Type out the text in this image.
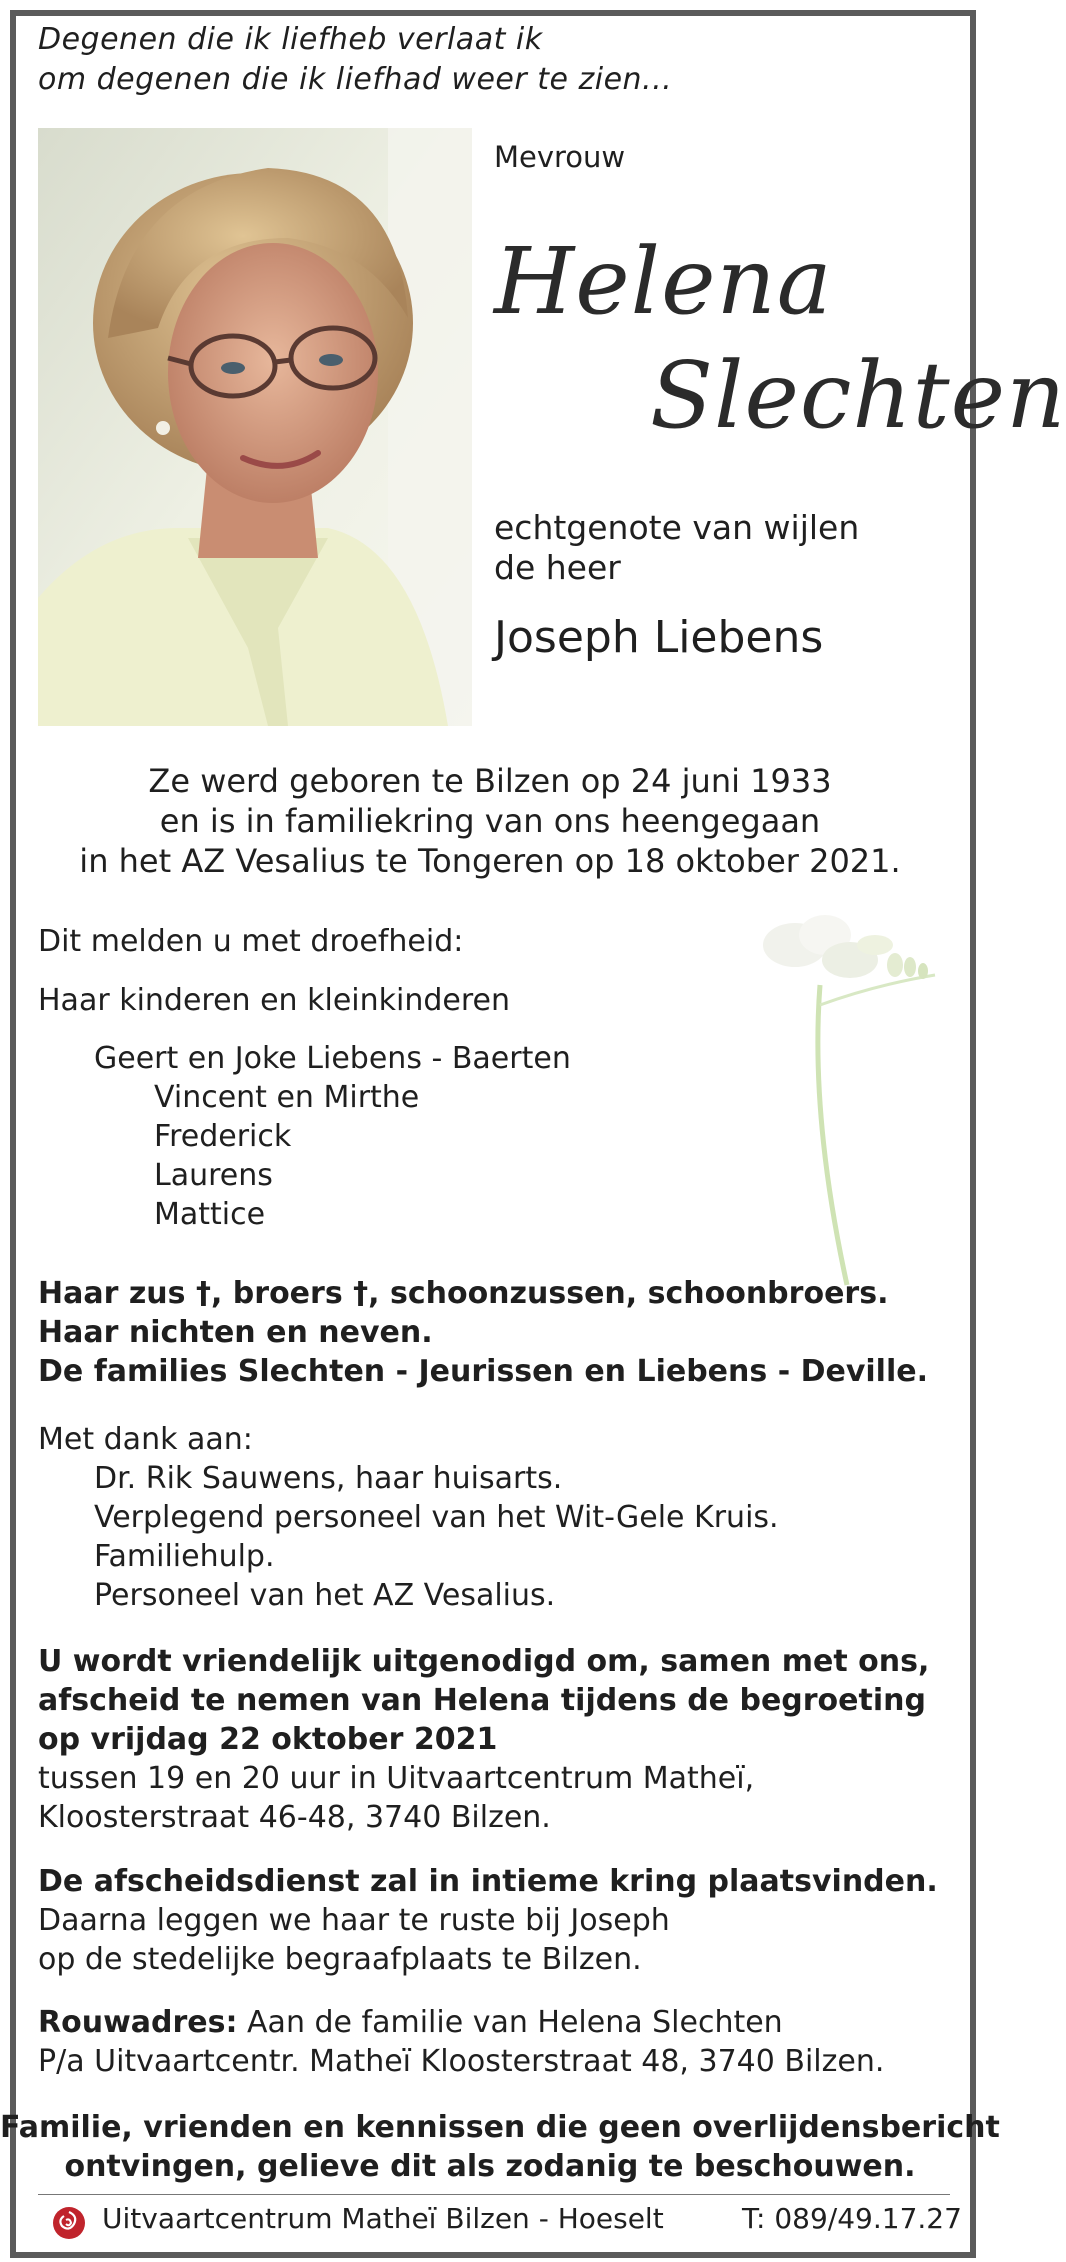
Degenen die ik liefheb verlaat ik
om degenen die ik liefhad weer te zien...
Mevrouw
Helena
Slechten
echtgenote van wijlen
de heer
Joseph Liebens
Ze werd geboren te Bilzen op 24 juni 1933
en is in familiekring van ons heengegaan
in het AZ Vesalius te Tongeren op 18 oktober 2021.
Dit melden u met droefheid:
Haar kinderen en kleinkinderen
Geert en Joke Liebens - Baerten
Vincent en Mirthe
Frederick
Laurens
Mattice
Haar zus †, broers †, schoonzussen, schoonbroers.
Haar nichten en neven.
De families Slechten - Jeurissen en Liebens - Deville.
Met dank aan:
Dr. Rik Sauwens, haar huisarts.
Verplegend personeel van het Wit-Gele Kruis.
Familiehulp.
Personeel van het AZ Vesalius.
U wordt vriendelijk uitgenodigd om, samen met ons,
afscheid te nemen van Helena tijdens de begroeting
op vrijdag 22 oktober 2021
tussen 19 en 20 uur in Uitvaartcentrum Matheï,
Kloosterstraat 46-48, 3740 Bilzen.
De afscheidsdienst zal in intieme kring plaatsvinden.
Daarna leggen we haar te ruste bij Joseph
op de stedelijke begraafplaats te Bilzen.
Rouwadres: Aan de familie van Helena Slechten
P/a Uitvaartcentr. Matheï Kloosterstraat 48, 3740 Bilzen.
Familie, vrienden en kennissen die geen overlijdensbericht
ontvingen, gelieve dit als zodanig te beschouwen.
Uitvaartcentrum Matheï Bilzen - Hoeselt	T: 089/49.17.27
